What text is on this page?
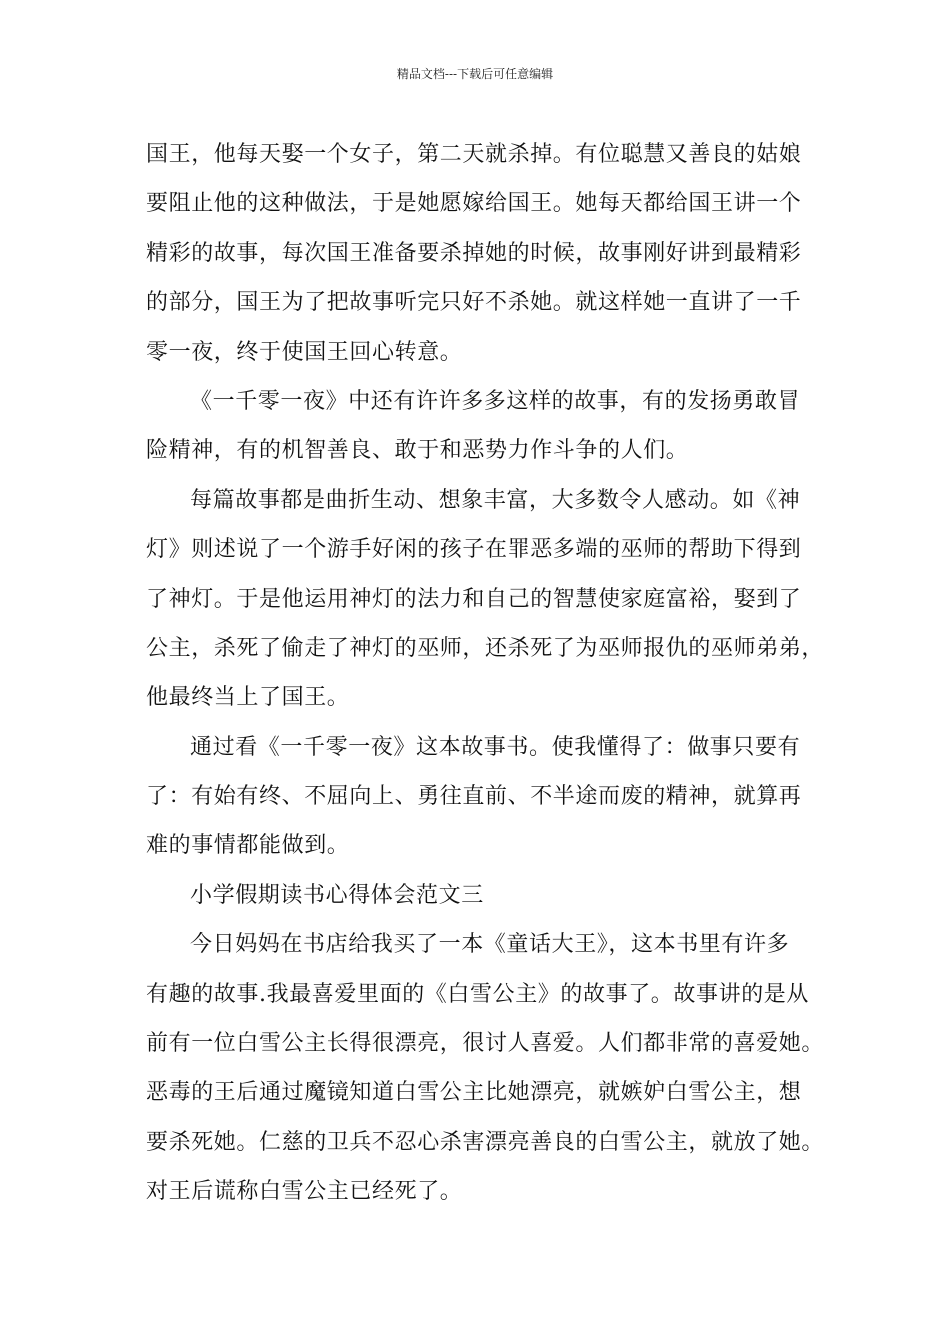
精品文档---下载后可任意编辑
国王，他每天娶一个女子，第二天就杀掉。有位聪慧又善良的姑娘
要阻止他的这种做法，于是她愿嫁给国王。她每天都给国王讲一个
精彩的故事，每次国王准备要杀掉她的时候，故事刚好讲到最精彩
的部分，国王为了把故事听完只好不杀她。就这样她一直讲了一千
零一夜，终于使国王回心转意。
《一千零一夜》中还有许许多多这样的故事，有的发扬勇敢冒
险精神，有的机智善良、敢于和恶势力作斗争的人们。
每篇故事都是曲折生动、想象丰富，大多数令人感动。如《神
灯》则述说了一个游手好闲的孩子在罪恶多端的巫师的帮助下得到
了神灯。于是他运用神灯的法力和自己的智慧使家庭富裕，娶到了
公主，杀死了偷走了神灯的巫师，还杀死了为巫师报仇的巫师弟弟，
他最终当上了国王。
通过看《一千零一夜》这本故事书。使我懂得了：做事只要有
了：有始有终、不屈向上、勇往直前、不半途而废的精神，就算再
难的事情都能做到。
小学假期读书心得体会范文三
今日妈妈在书店给我买了一本《童话大王》，这本书里有许多
有趣的故事.我最喜爱里面的《白雪公主》的故事了。故事讲的是从
前有一位白雪公主长得很漂亮，很讨人喜爱。人们都非常的喜爱她。
恶毒的王后通过魔镜知道白雪公主比她漂亮，就嫉妒白雪公主，想
要杀死她。仁慈的卫兵不忍心杀害漂亮善良的白雪公主，就放了她。
对王后谎称白雪公主已经死了。
